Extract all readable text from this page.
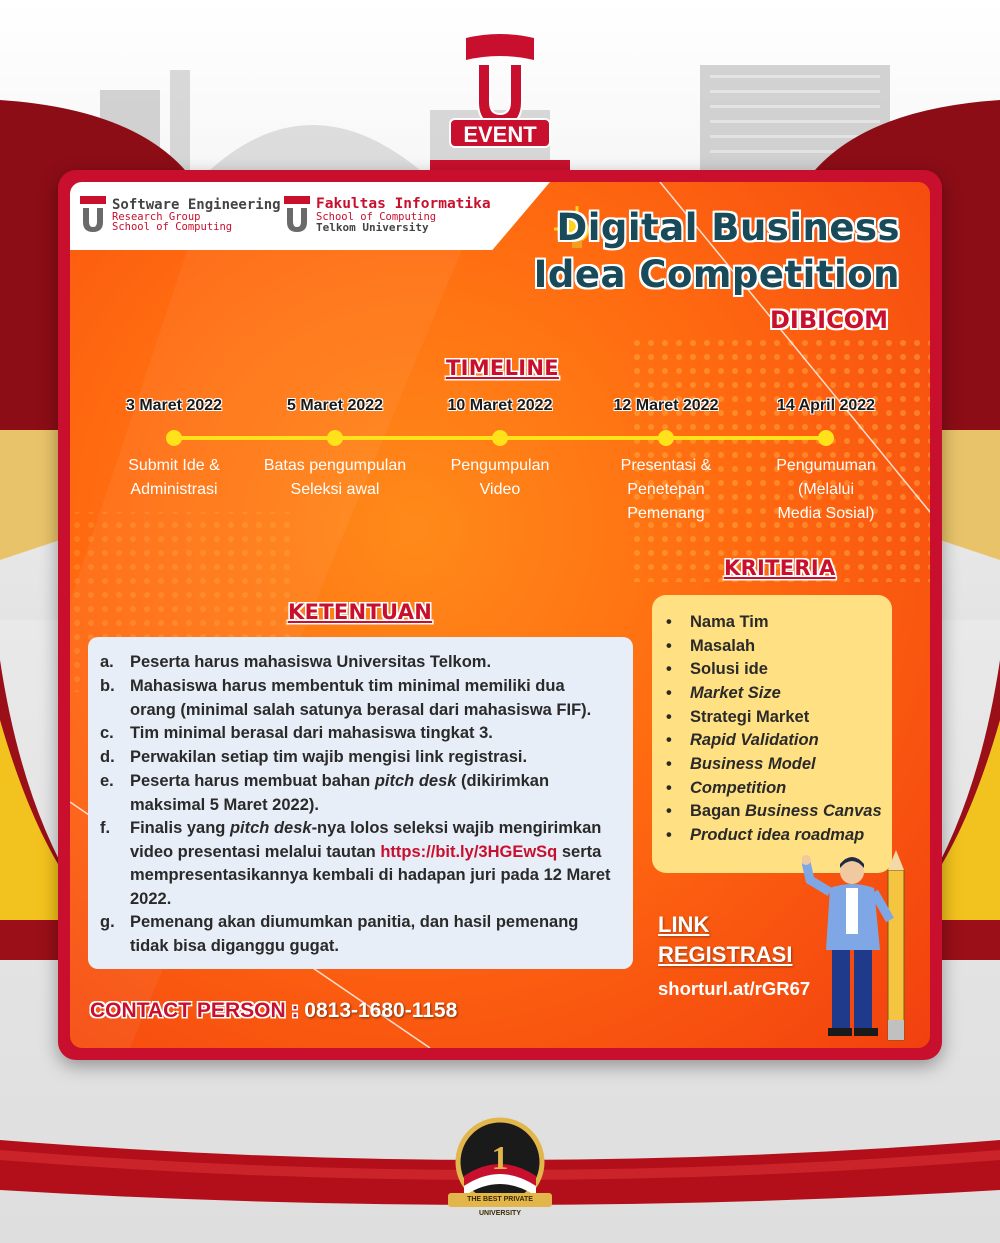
EVENT
Software Engineering
Research Group
School of Computing
Fakultas Informatika
School of Computing
Telkom University	Digital Business
Idea Competition
DIBICOM
TIMELINE
3 Maret 2022
Submit Ide &
Administrasi
5 Maret 2022
Batas pengumpulan
Seleksi awal
10 Maret 2022
Pengumpulan
Video
12 Maret 2022
Presentasi &
Penetepan
Pemenang
14 April 2022
Pengumuman
(Melalui
Media Sosial)
KETENTUAN
a. Peserta harus mahasiswa Universitas Telkom.
b. Mahasiswa harus membentuk tim minimal memiliki dua orang (minimal salah satunya berasal dari mahasiswa FIF).
c. Tim minimal berasal dari mahasiswa tingkat 3.
d. Perwakilan setiap tim wajib mengisi link registrasi.
e. Peserta harus membuat bahan pitch desk (dikirimkan maksimal 5 Maret 2022).
f.	Finalis yang pitch desk-nya lolos seleksi wajib mengirimkan video presentasi melalui tautan https://bit.ly/3HGEwSq serta mempresentasikannya kembali di hadapan juri pada 12 Maret 2022.
g. Pemenang akan diumumkan panitia, dan hasil pemenang tidak bisa diganggu gugat.
KRITERIA
• Nama Tim
• Masalah
• Solusi ide
• Market Size
• Strategi Market
• Rapid Validation
• Business Model
• Competition
• Bagan Business Canvas
• Product idea roadmap
LINK
REGISTRASI
shorturl.at/rGR67
CONTACT PERSON : 0813-1680-1158
1
THE BEST PRIVATE UNIVERSITY
